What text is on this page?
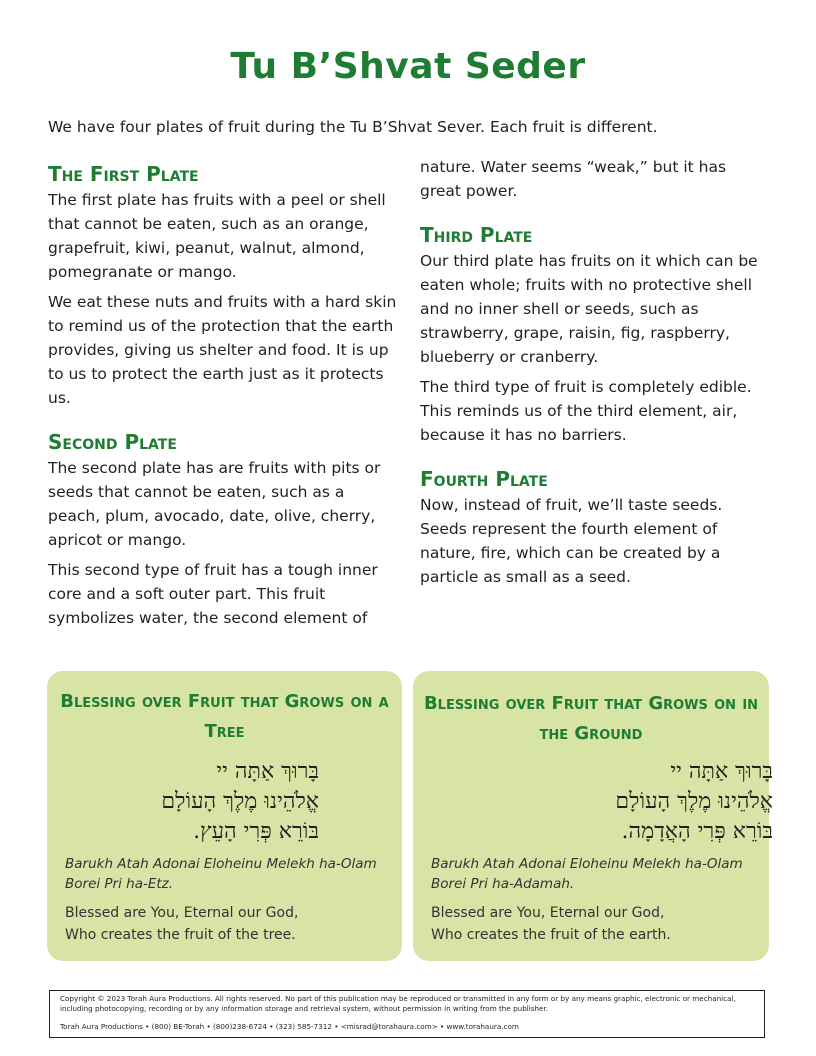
Tu B’Shvat Seder
We have four plates of fruit during the Tu B’Shvat Sever. Each fruit is different.
The First Plate

The first plate has fruits with a peel or shell that cannot be eaten, such as an orange, grapefruit, kiwi, peanut, walnut, almond, pomegranate or mango.

We eat these nuts and fruits with a hard skin to remind us of the protection that the earth provides, giving us shelter and food. It is up to us to protect the earth just as it protects us.

Second Plate

The second plate has are fruits with pits or seeds that cannot be eaten, such as a peach, plum, avocado, date, olive, cherry, apricot or mango.

This second type of fruit has a tough inner core and a soft outer part. This fruit symbolizes water, the second element of

nature. Water seems “weak,” but it has great power.

Third Plate

Our third plate has fruits on it which can be eaten whole; fruits with no protective shell and no inner shell or seeds, such as strawberry, grape, raisin, fig, raspberry, blueberry or cranberry.

The third type of fruit is completely edible. This reminds us of the third element, air, because it has no barriers.

Fourth Plate

Now, instead of fruit, we’ll taste seeds. Seeds represent the fourth element of nature, fire, which can be created by a particle as small as a seed.

Blessing over Fruit that Grows on a Tree
בָּרוּךְ אַתָּה יי
אֱלֹהֵינוּ מֶלֶךְ הָעוֹלָם
בּוֹרֵא פְּרִי הָעֵץ.
Barukh Atah Adonai Eloheinu Melekh ha-Olam
Borei Pri ha-Etz.
Blessed are You, Eternal our God,
Who creates the fruit of the tree.
Blessing over Fruit that Grows on in the Ground
בָּרוּךְ אַתָּה יי
אֱלֹהֵינוּ מֶלֶךְ הָעוֹלָם
בּוֹרֵא פְּרִי הָאֲדָמָה.
Barukh Atah Adonai Eloheinu Melekh ha-Olam
Borei Pri ha-Adamah.
Blessed are You, Eternal our God,
Who creates the fruit of the earth.
Copyright © 2023 Torah Aura Productions. All rights reserved. No part of this publication may be reproduced or transmitted in any form or by any means graphic, electronic or mechanical, including photocopying, recording or by any information storage and retrieval system, without permission in writing from the publisher.
Torah Aura Productions • (800) BE-Torah • (800)238-6724 • (323) 585-7312 • <misrad@torahaura.com> • www.torahaura.com
